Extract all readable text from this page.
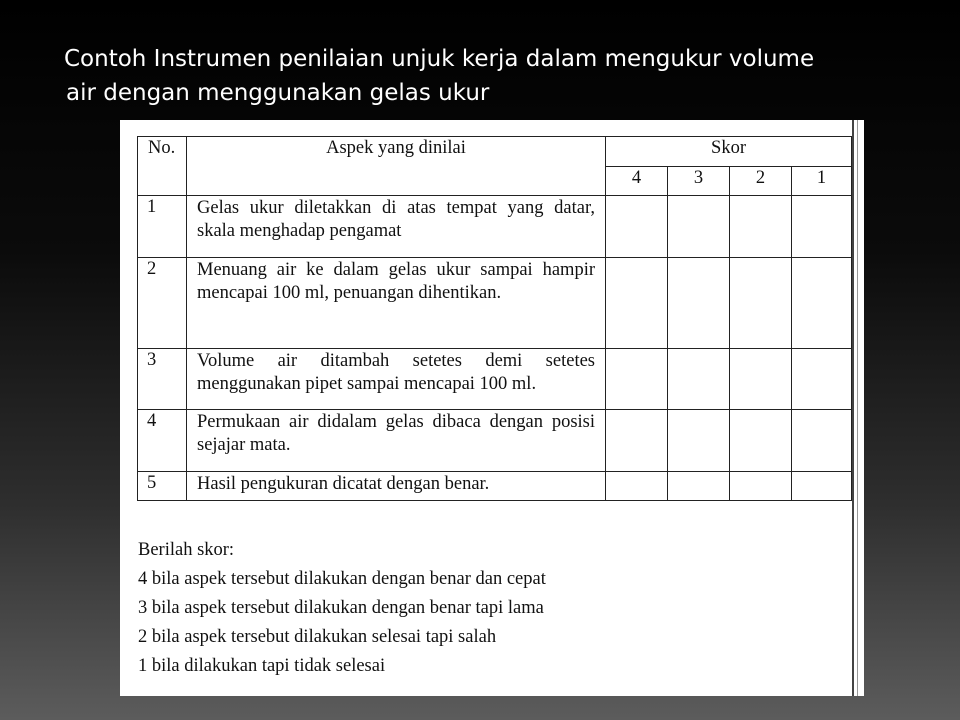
Contoh Instrumen penilaian unjuk kerja dalam mengukur volume
air dengan menggunakan gelas ukur
No.	Aspek yang dinilai	Skor			
		4	3	2	1
1	Gelas ukur diletakkan di atas tempat yang datar, skala menghadap pengamat				
2	Menuang air ke dalam gelas ukur sampai hampir mencapai 100 ml, penuangan dihentikan.				
3	Volume air ditambah setetes demi setetes menggunakan pipet sampai mencapai 100 ml.				
4	Permukaan air didalam gelas dibaca dengan posisi sejajar mata.				
5	Hasil pengukuran dicatat dengan benar.				
Berilah skor:
4 bila aspek tersebut dilakukan dengan benar dan cepat
3 bila aspek tersebut dilakukan dengan benar tapi lama
2 bila aspek tersebut dilakukan selesai tapi salah
1 bila dilakukan tapi tidak selesai
